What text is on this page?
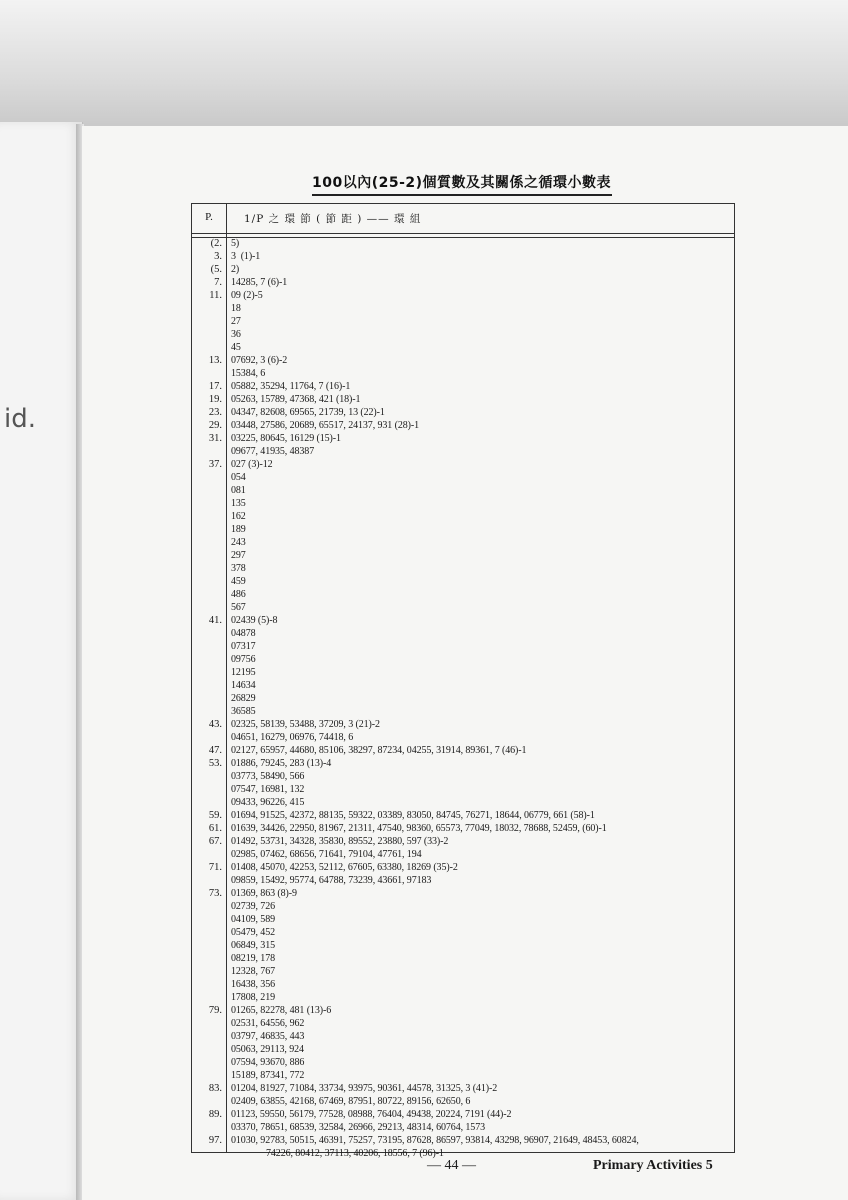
id.
100以內(25-2)個質數及其關係之循環小數表
P.	1/P 之 環 節 ( 節 距 ) —— 環 組
(2. 5)
3. 3  (1)-1
(5. 2)
7. 14285, 7 (6)-1
11. 09 (2)-5
18
27
36
45
13. 07692, 3 (6)-2
15384, 6
17. 05882, 35294, 11764, 7 (16)-1
19. 05263, 15789, 47368, 421 (18)-1
23. 04347, 82608, 69565, 21739, 13 (22)-1
29. 03448, 27586, 20689, 65517, 24137, 931 (28)-1
31. 03225, 80645, 16129 (15)-1
09677, 41935, 48387
37. 027 (3)-12
054
081
135
162
189
243
297
378
459
486
567
41. 02439 (5)-8
04878
07317
09756
12195
14634
26829
36585
43. 02325, 58139, 53488, 37209, 3 (21)-2
04651, 16279, 06976, 74418, 6
47. 02127, 65957, 44680, 85106, 38297, 87234, 04255, 31914, 89361, 7 (46)-1
53. 01886, 79245, 283 (13)-4
03773, 58490, 566
07547, 16981, 132
09433, 96226, 415
59. 01694, 91525, 42372, 88135, 59322, 03389, 83050, 84745, 76271, 18644, 06779, 661 (58)-1
61. 01639, 34426, 22950, 81967, 21311, 47540, 98360, 65573, 77049, 18032, 78688, 52459, (60)-1
67. 01492, 53731, 34328, 35830, 89552, 23880, 597 (33)-2
02985, 07462, 68656, 71641, 79104, 47761, 194
71. 01408, 45070, 42253, 52112, 67605, 63380, 18269 (35)-2
09859, 15492, 95774, 64788, 73239, 43661, 97183
73. 01369, 863 (8)-9
02739, 726
04109, 589
05479, 452
06849, 315
08219, 178
12328, 767
16438, 356
17808, 219
79. 01265, 82278, 481 (13)-6
02531, 64556, 962
03797, 46835, 443
05063, 29113, 924
07594, 93670, 886
15189, 87341, 772
83. 01204, 81927, 71084, 33734, 93975, 90361, 44578, 31325, 3 (41)-2
02409, 63855, 42168, 67469, 87951, 80722, 89156, 62650, 6
89. 01123, 59550, 56179, 77528, 08988, 76404, 49438, 20224, 7191 (44)-2
03370, 78651, 68539, 32584, 26966, 29213, 48314, 60764, 1573
97. 01030, 92783, 50515, 46391, 75257, 73195, 87628, 86597, 93814, 43298, 96907, 21649, 48453, 60824,
74226, 80412, 37113, 40206, 18556, 7 (96)-1
— 44 —	Primary Activities 5
